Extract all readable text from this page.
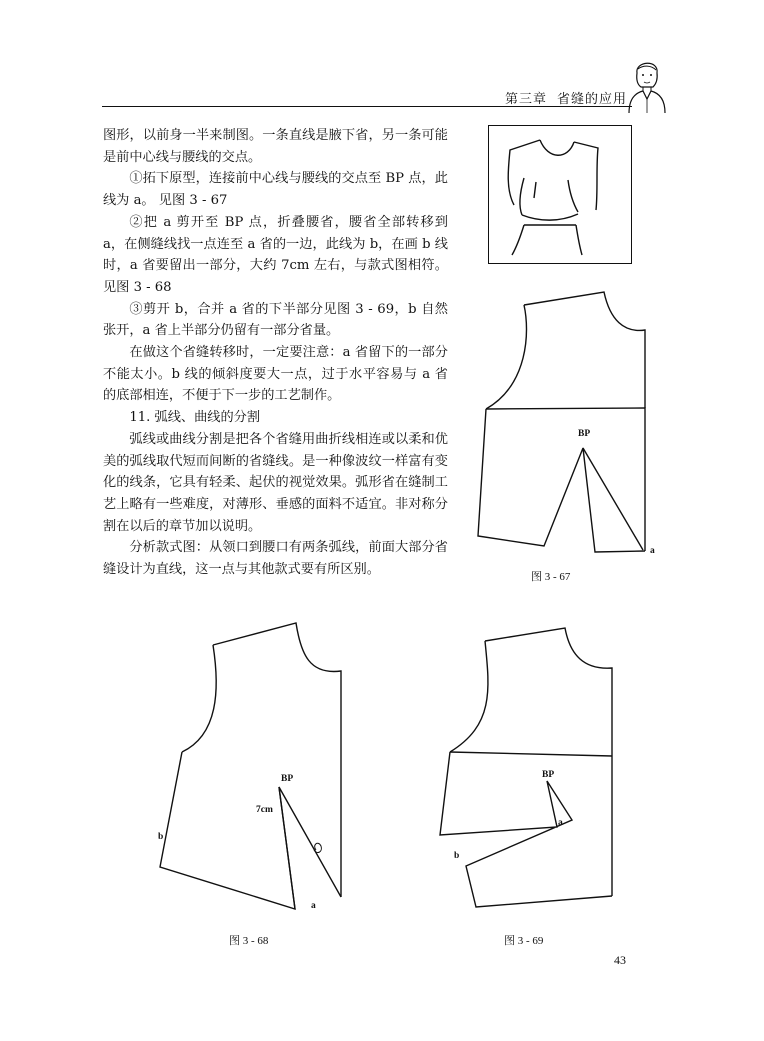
第三章 省缝的应用

图形，以前身一半来制图。一条直线是腋下省，另一条可能是前中心线与腰线的交点。

①拓下原型，连接前中心线与腰线的交点至 BP 点，此线为 a。 见图 3 - 67

②把 a 剪开至 BP 点，折叠腰省，腰省全部转移到 a，在侧缝线找一点连至 a 省的一边，此线为 b，在画 b 线时，a 省要留出一部分，大约 7cm 左右，与款式图相符。 见图 3 - 68

③剪开 b，合并 a 省的下半部分见图 3 - 69，b 自然张开，a 省上半部分仍留有一部分省量。

在做这个省缝转移时，一定要注意：a 省留下的一部分不能太小。b 线的倾斜度要大一点，过于水平容易与 a 省的底部相连，不便于下一步的工艺制作。

11. 弧线、曲线的分割

弧线或曲线分割是把各个省缝用曲折线相连或以柔和优美的弧线取代短而间断的省缝线。是一种像波纹一样富有变化的线条，它具有轻柔、起伏的视觉效果。弧形省在缝制工艺上略有一些难度，对薄形、垂感的面料不适宜。非对称分割在以后的章节加以说明。

分析款式图：从领口到腰口有两条弧线，前面大部分省缝设计为直线，这一点与其他款式要有所区别。

BP
a
BP
7cm
b
a
BP
a
b
图 3 - 67
图 3 - 68	图 3 - 69
43
